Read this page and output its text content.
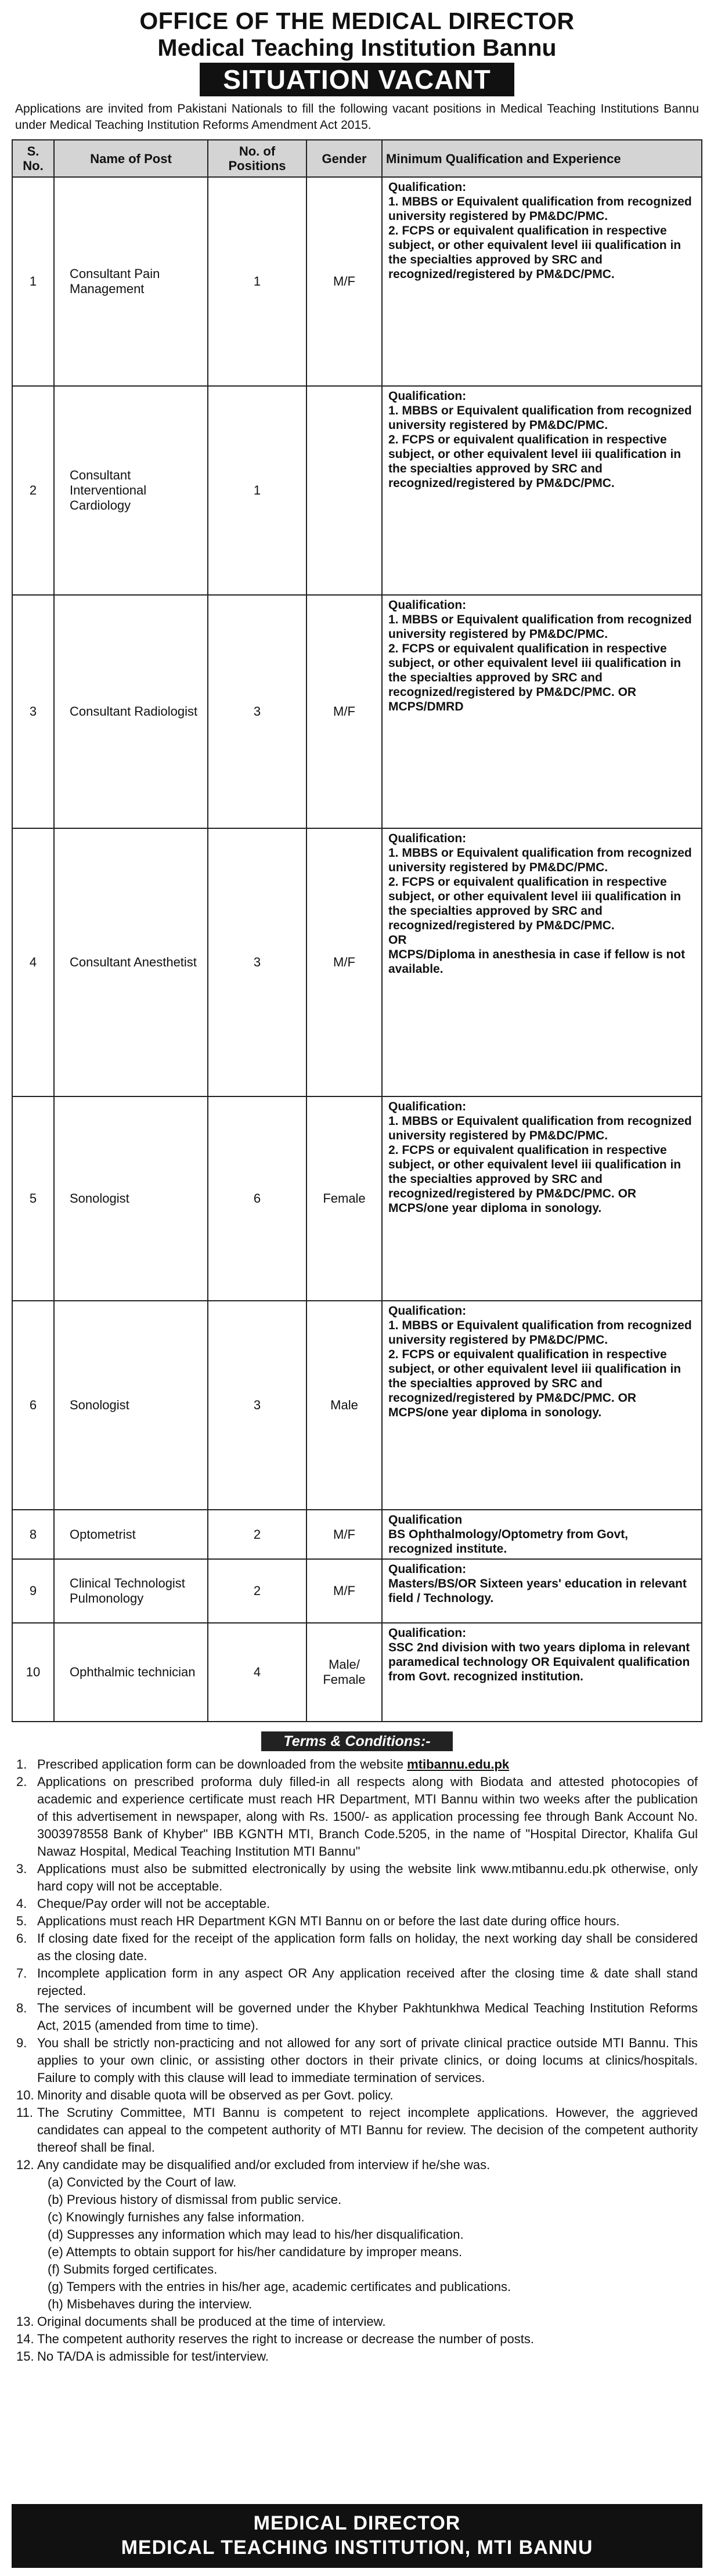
OFFICE OF THE MEDICAL DIRECTOR
Medical Teaching Institution Bannu
SITUATION VACANT
Applications are invited from Pakistani Nationals to fill the following vacant positions in Medical Teaching Institutions Bannu under Medical Teaching Institution Reforms Amendment Act 2015.
S. No.	Name of Post	No. of Positions	Gender	Minimum Qualification and Experience
1	Consultant Pain Management	1	M/F	Qualification:
1. MBBS or Equivalent qualification from recognized university registered by PM&DC/PMC.
2. FCPS or equivalent qualification in respective subject, or other equivalent level iii qualification in the specialties approved by SRC and recognized/registered by PM&DC/PMC.

2	Consultant Interventional Cardiology	1		Qualification:
1. MBBS or Equivalent qualification from recognized university registered by PM&DC/PMC.
2. FCPS or equivalent qualification in respective subject, or other equivalent level iii qualification in the specialties approved by SRC and recognized/registered by PM&DC/PMC.

3	Consultant Radiologist	3	M/F	Qualification:
1. MBBS or Equivalent qualification from recognized university registered by PM&DC/PMC.
2. FCPS or equivalent qualification in respective subject, or other equivalent level iii qualification in the specialties approved by SRC and recognized/registered by PM&DC/PMC. OR MCPS/DMRD

4	Consultant Anesthetist	3	M/F	Qualification:
1. MBBS or Equivalent qualification from recognized university registered by PM&DC/PMC.
2. FCPS or equivalent qualification in respective subject, or other equivalent level iii qualification in the specialties approved by SRC and recognized/registered by PM&DC/PMC.
OR
MCPS/Diploma in anesthesia in case if fellow is not available.

5	Sonologist	6	Female	Qualification:
1. MBBS or Equivalent qualification from recognized university registered by PM&DC/PMC.
2. FCPS or equivalent qualification in respective subject, or other equivalent level iii qualification in the specialties approved by SRC and recognized/registered by PM&DC/PMC. OR
MCPS/one year diploma in sonology.

6	Sonologist	3	Male	Qualification:
1. MBBS or Equivalent qualification from recognized university registered by PM&DC/PMC.
2. FCPS or equivalent qualification in respective subject, or other equivalent level iii qualification in the specialties approved by SRC and recognized/registered by PM&DC/PMC. OR MCPS/one year diploma in sonology.

8	Optometrist	2	M/F	Qualification
BS Ophthalmology/Optometry from Govt, recognized institute.

9	Clinical Technologist Pulmonology	2	M/F	Qualification:
Masters/BS/OR Sixteen years' education in relevant field / Technology.

10	Ophthalmic technician	4	Male/ Female	Qualification:
SSC 2nd division with two years diploma in relevant paramedical technology OR Equivalent qualification from Govt. recognized institution.
Terms & Conditions:-
1. Prescribed application form can be downloaded from the website mtibannu.edu.pk
2. Applications on prescribed proforma duly filled-in all respects along with Biodata and attested photocopies of academic and experience certificate must reach HR Department, MTI Bannu within two weeks after the publication of this advertisement in newspaper, along with Rs. 1500/- as application processing fee through Bank Account No. 3003978558 Bank of Khyber" IBB KGNTH MTI, Branch Code.5205, in the name of "Hospital Director, Khalifa Gul Nawaz Hospital, Medical Teaching Institution MTI Bannu"
3. Applications must also be submitted electronically by using the website link www.mtibannu.edu.pk otherwise, only hard copy will not be acceptable.
4. Cheque/Pay order will not be acceptable.
5. Applications must reach HR Department KGN MTI Bannu on or before the last date during office hours.
6. If closing date fixed for the receipt of the application form falls on holiday, the next working day shall be considered as the closing date.
7. Incomplete application form in any aspect OR Any application received after the closing time & date shall stand rejected.
8. The services of incumbent will be governed under the Khyber Pakhtunkhwa Medical Teaching Institution Reforms Act, 2015 (amended from time to time).
9. You shall be strictly non-practicing and not allowed for any sort of private clinical practice outside MTI Bannu. This applies to your own clinic, or assisting other doctors in their private clinics, or doing locums at clinics/hospitals. Failure to comply with this clause will lead to immediate termination of services.
10. Minority and disable quota will be observed as per Govt. policy.
11. The Scrutiny Committee, MTI Bannu is competent to reject incomplete applications. However, the aggrieved candidates can appeal to the competent authority of MTI Bannu for review. The decision of the competent authority thereof shall be final.
12. Any candidate may be disqualified and/or excluded from interview if he/she was.
(a) Convicted by the Court of law.
(b) Previous history of dismissal from public service.
(c) Knowingly furnishes any false information.
(d) Suppresses any information which may lead to his/her disqualification.
(e) Attempts to obtain support for his/her candidature by improper means.
(f) Submits forged certificates.
(g) Tempers with the entries in his/her age, academic certificates and publications.
(h) Misbehaves during the interview.
13. Original documents shall be produced at the time of interview.
14. The competent authority reserves the right to increase or decrease the number of posts.
15. No TA/DA is admissible for test/interview.
MEDICAL DIRECTOR
MEDICAL TEACHING INSTITUTION, MTI BANNU
